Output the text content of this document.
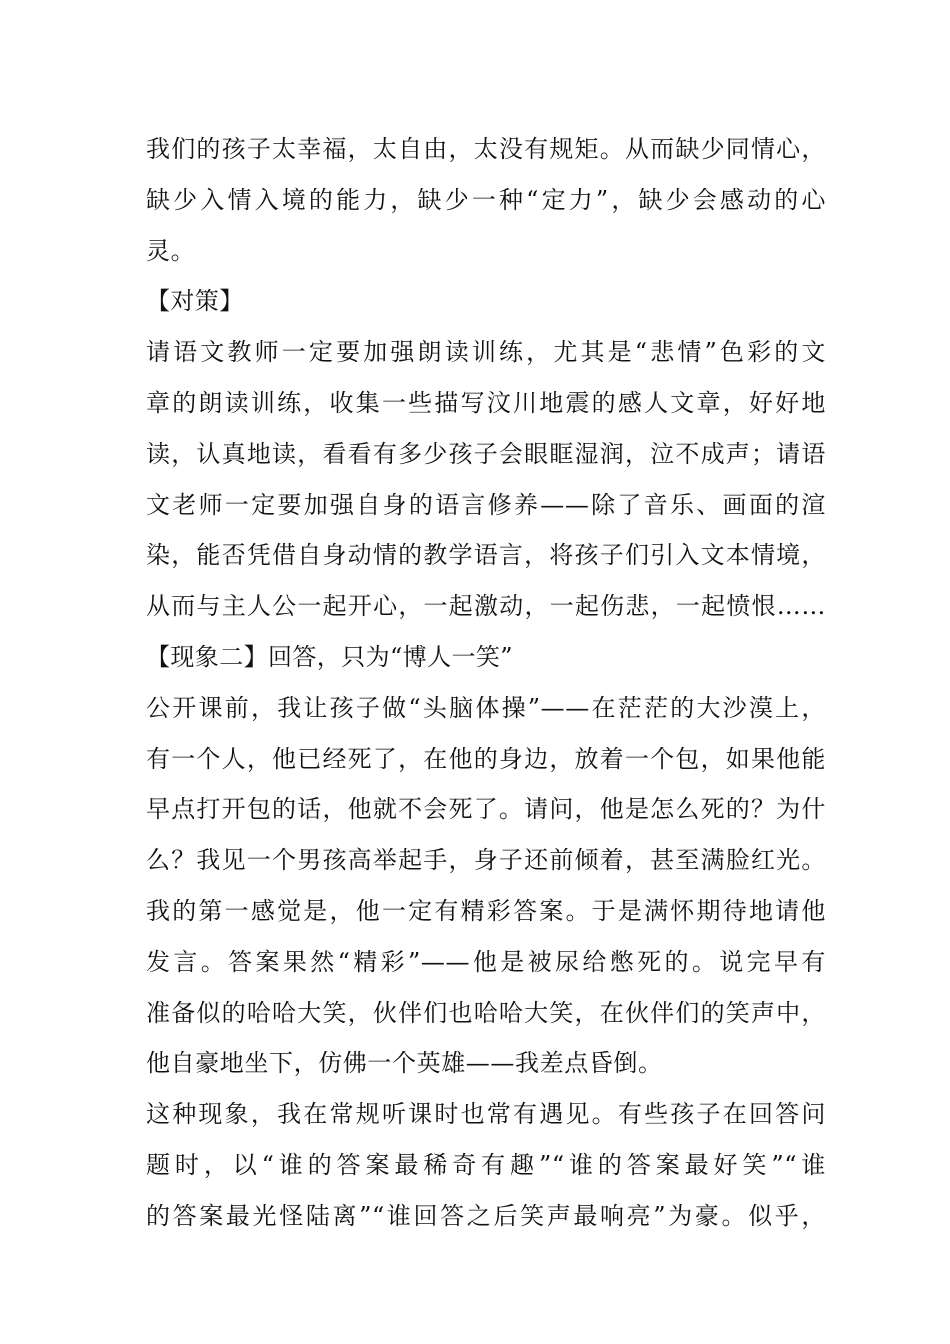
我们的孩子太幸福，太自由，太没有规矩。从而缺少同情心，
缺少入情入境的能力，缺少一种“定力”，缺少会感动的心
灵。
【对策】
请语文教师一定要加强朗读训练，尤其是“悲情”色彩的文
章的朗读训练，收集一些描写汶川地震的感人文章，好好地
读，认真地读，看看有多少孩子会眼眶湿润，泣不成声；请语
文老师一定要加强自身的语言修养——除了音乐、画面的渲
染，能否凭借自身动情的教学语言，将孩子们引入文本情境，
从而与主人公一起开心，一起激动，一起伤悲，一起愤恨……
【现象二】回答，只为“博人一笑”
公开课前，我让孩子做“头脑体操”——在茫茫的大沙漠上，
有一个人，他已经死了，在他的身边，放着一个包，如果他能
早点打开包的话，他就不会死了。请问，他是怎么死的？为什
么？我见一个男孩高举起手，身子还前倾着，甚至满脸红光。
我的第一感觉是，他一定有精彩答案。于是满怀期待地请他
发言。答案果然“精彩”——他是被尿给憋死的。说完早有
准备似的哈哈大笑，伙伴们也哈哈大笑，在伙伴们的笑声中，
他自豪地坐下，仿佛一个英雄——我差点昏倒。
这种现象，我在常规听课时也常有遇见。有些孩子在回答问
题时，以“谁的答案最稀奇有趣”“谁的答案最好笑”“谁
的答案最光怪陆离”“谁回答之后笑声最响亮”为豪。似乎，
